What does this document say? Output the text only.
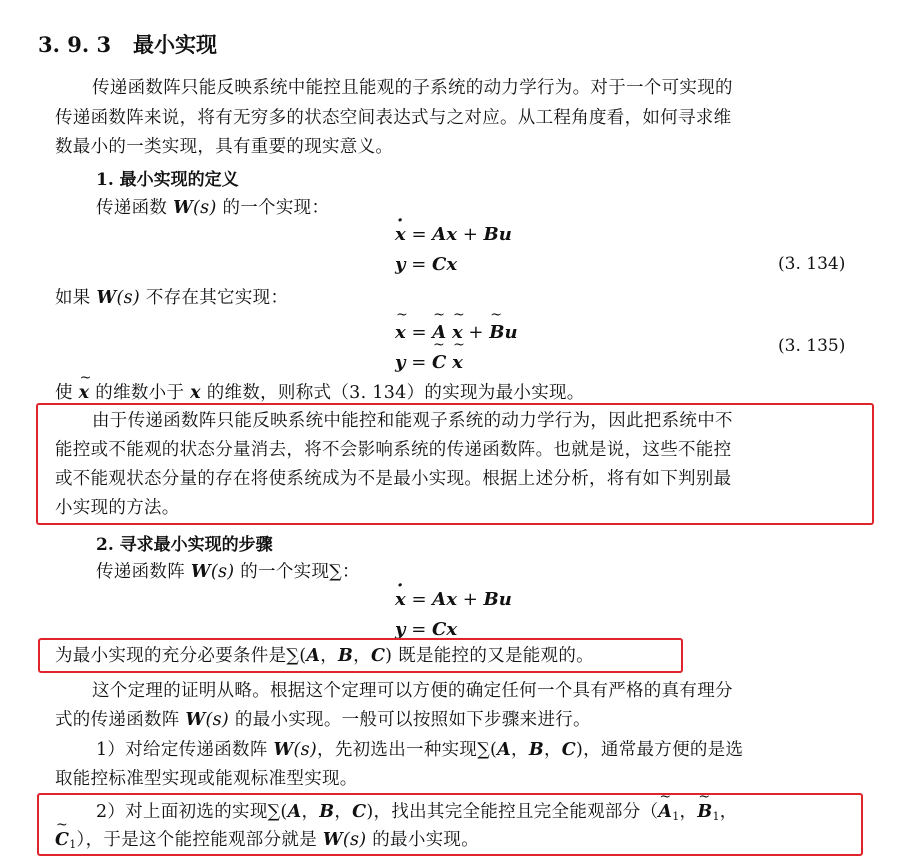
3. 9. 3 最小实现
传递函数阵只能反映系统中能控且能观的子系统的动力学行为。对于一个可实现的
传递函数阵来说，将有无穷多的状态空间表达式与之对应。从工程角度看，如何寻求维
数最小的一类实现，具有重要的现实意义。
1. 最小实现的定义
传递函数 W(s) 的一个实现：
· x = Ax + Bu
y = Cx	(3. 134)
如果 W(s) 不存在其它实现：
~ x = ~ A ~ x + ~ Bu
y = ~ C ~ x
(3. 135)
使 ~ x 的维数小于 x 的维数，则称式（3. 134）的实现为最小实现。
由于传递函数阵只能反映系统中能控和能观子系统的动力学行为，因此把系统中不
能控或不能观的状态分量消去，将不会影响系统的传递函数阵。也就是说，这些不能控
或不能观状态分量的存在将使系统成为不是最小实现。根据上述分析，将有如下判别最
小实现的方法。
2. 寻求最小实现的步骤
传递函数阵 W(s) 的一个实现∑：
· x = Ax + Bu
y = Cx
为最小实现的充分必要条件是∑(A，B，C) 既是能控的又是能观的。
这个定理的证明从略。根据这个定理可以方便的确定任何一个具有严格的真有理分
式的传递函数阵 W(s) 的最小实现。一般可以按照如下步骤来进行。
1）对给定传递函数阵 W(s)，先初选出一种实现∑(A，B，C)，通常最方便的是选
取能控标准型实现或能观标准型实现。
2）对上面初选的实现∑(A，B，C)，找出其完全能控且完全能观部分（~ $A_1$，~ $B_1$，
~ $C_1$），于是这个能控能观部分就是 W(s) 的最小实现。
